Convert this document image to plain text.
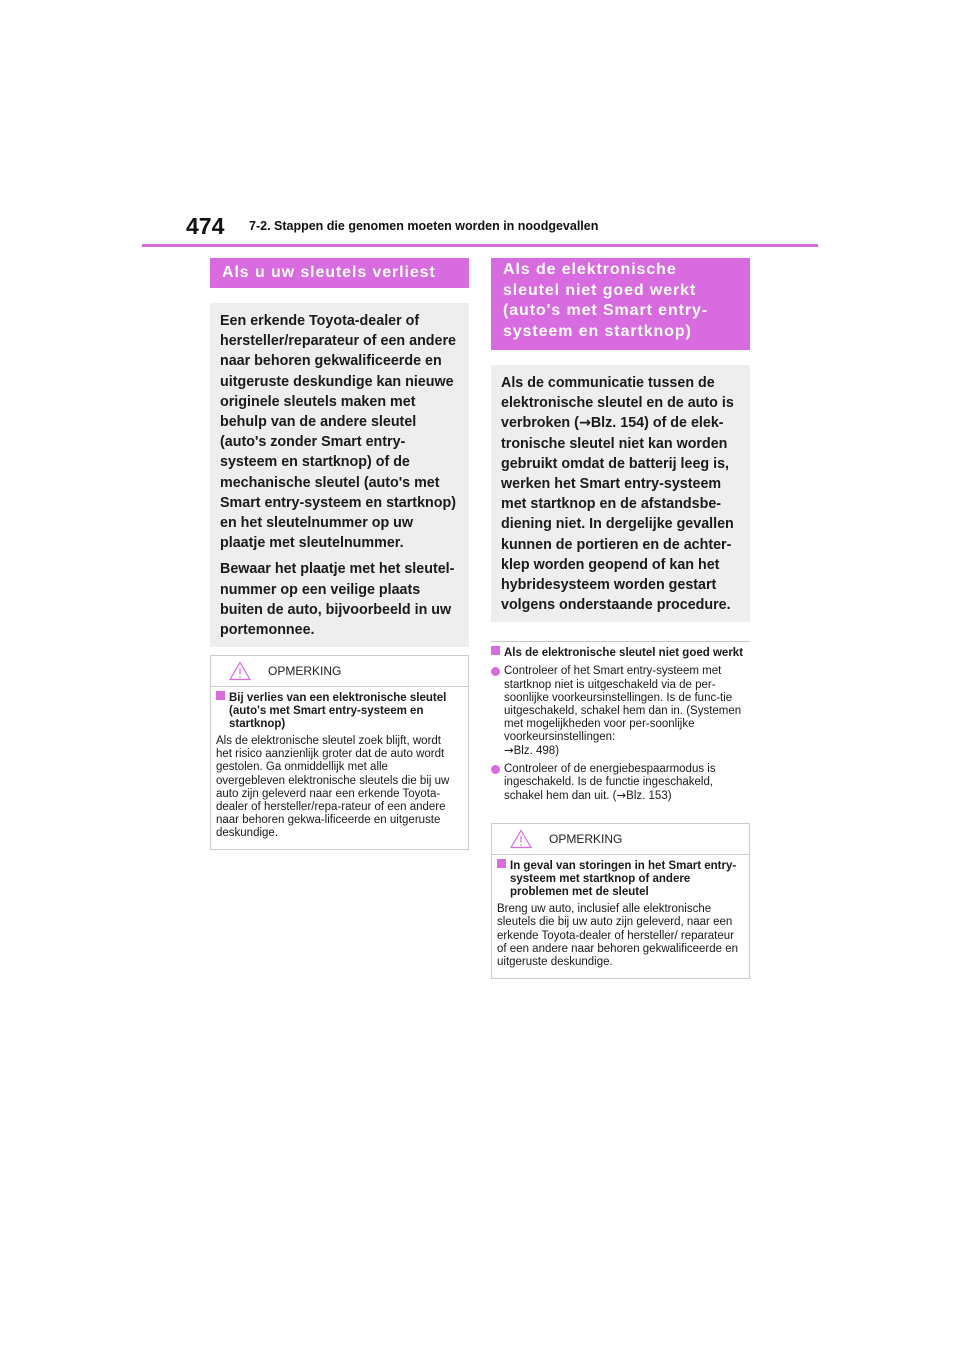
474 7-2. Stappen die genomen moeten worden in noodgevallen
Als u uw sleutels verliest

Een erkende Toyota-dealer of hersteller/reparateur of een andere naar behoren gekwalificeerde en uitgeruste deskundige kan nieuwe originele sleutels maken met behulp van de andere sleutel (auto's zonder Smart entry-systeem en startknop) of de mechanische sleutel (auto's met Smart entry-systeem en startknop) en het sleutelnummer op uw plaatje met sleutelnummer.

Bewaar het plaatje met het sleutel-nummer op een veilige plaats buiten de auto, bijvoorbeeld in uw portemonnee.

OPMERKING
Bij verlies van een elektronische sleutel (auto's met Smart entry-systeem en startknop)
Als de elektronische sleutel zoek blijft, wordt het risico aanzienlijk groter dat de auto wordt gestolen. Ga onmiddellijk met alle overgebleven elektronische sleutels die bij uw auto zijn geleverd naar een erkende Toyota-dealer of hersteller/repa-rateur of een andere naar behoren gekwa-lificeerde en uitgeruste deskundige.
Als de elektronische sleutel niet goed werkt (auto's met Smart entry-systeem en startknop)

Als de communicatie tussen de elektronische sleutel en de auto is verbroken (→Blz. 154) of de elek-tronische sleutel niet kan worden gebruikt omdat de batterij leeg is, werken het Smart entry-systeem met startknop en de afstandsbe-diening niet. In dergelijke gevallen kunnen de portieren en de achter-klep worden geopend of kan het hybridesysteem worden gestart volgens onderstaande procedure.

Als de elektronische sleutel niet goed werkt
Controleer of het Smart entry-systeem met startknop niet is uitgeschakeld via de per-soonlijke voorkeursinstellingen. Is de func-tie uitgeschakeld, schakel hem dan in. (Systemen met mogelijkheden voor per-soonlijke voorkeursinstellingen:
→Blz. 498)
Controleer of de energiebespaarmodus is ingeschakeld. Is de functie ingeschakeld, schakel hem dan uit. (→Blz. 153)
OPMERKING
In geval van storingen in het Smart entry-systeem met startknop of andere problemen met de sleutel
Breng uw auto, inclusief alle elektronische sleutels die bij uw auto zijn geleverd, naar een erkende Toyota-dealer of hersteller/ reparateur of een andere naar behoren gekwalificeerde en uitgeruste deskundige.
